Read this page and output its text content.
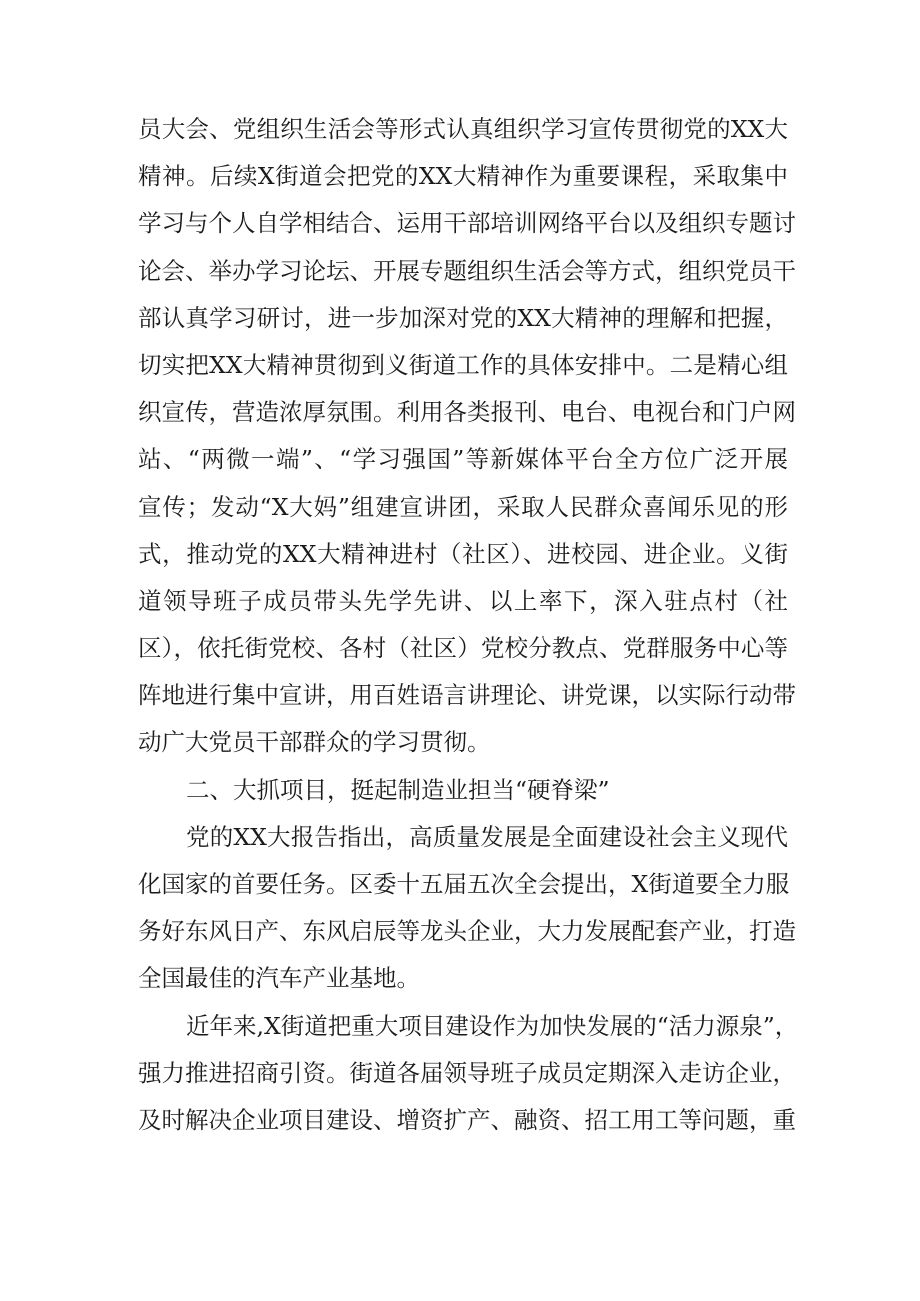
员大会、党组织生活会等形式认真组织学习宣传贯彻党的XX大
精神。后续X街道会把党的XX大精神作为重要课程，采取集中
学习与个人自学相结合、运用干部培训网络平台以及组织专题讨
论会、举办学习论坛、开展专题组织生活会等方式，组织党员干
部认真学习研讨，进一步加深对党的XX大精神的理解和把握，
切实把XX大精神贯彻到义街道工作的具体安排中。二是精心组
织宣传，营造浓厚氛围。利用各类报刊、电台、电视台和门户网
站、“两微一端”、“学习强国”等新媒体平台全方位广泛开展
宣传；发动“X大妈”组建宣讲团，采取人民群众喜闻乐见的形
式，推动党的XX大精神进村（社区）、进校园、进企业。义街
道领导班子成员带头先学先讲、以上率下，深入驻点村（社
区），依托街党校、各村（社区）党校分教点、党群服务中心等
阵地进行集中宣讲，用百姓语言讲理论、讲党课，以实际行动带
动广大党员干部群众的学习贯彻。
二、大抓项目，挺起制造业担当“硬脊梁”
党的XX大报告指出，高质量发展是全面建设社会主义现代
化国家的首要任务。区委十五届五次全会提出，X街道要全力服
务好东风日产、东风启辰等龙头企业，大力发展配套产业，打造
全国最佳的汽车产业基地。
近年来,X街道把重大项目建设作为加快发展的“活力源泉”，
强力推进招商引资。街道各届领导班子成员定期深入走访企业，
及时解决企业项目建设、增资扩产、融资、招工用工等问题，重
